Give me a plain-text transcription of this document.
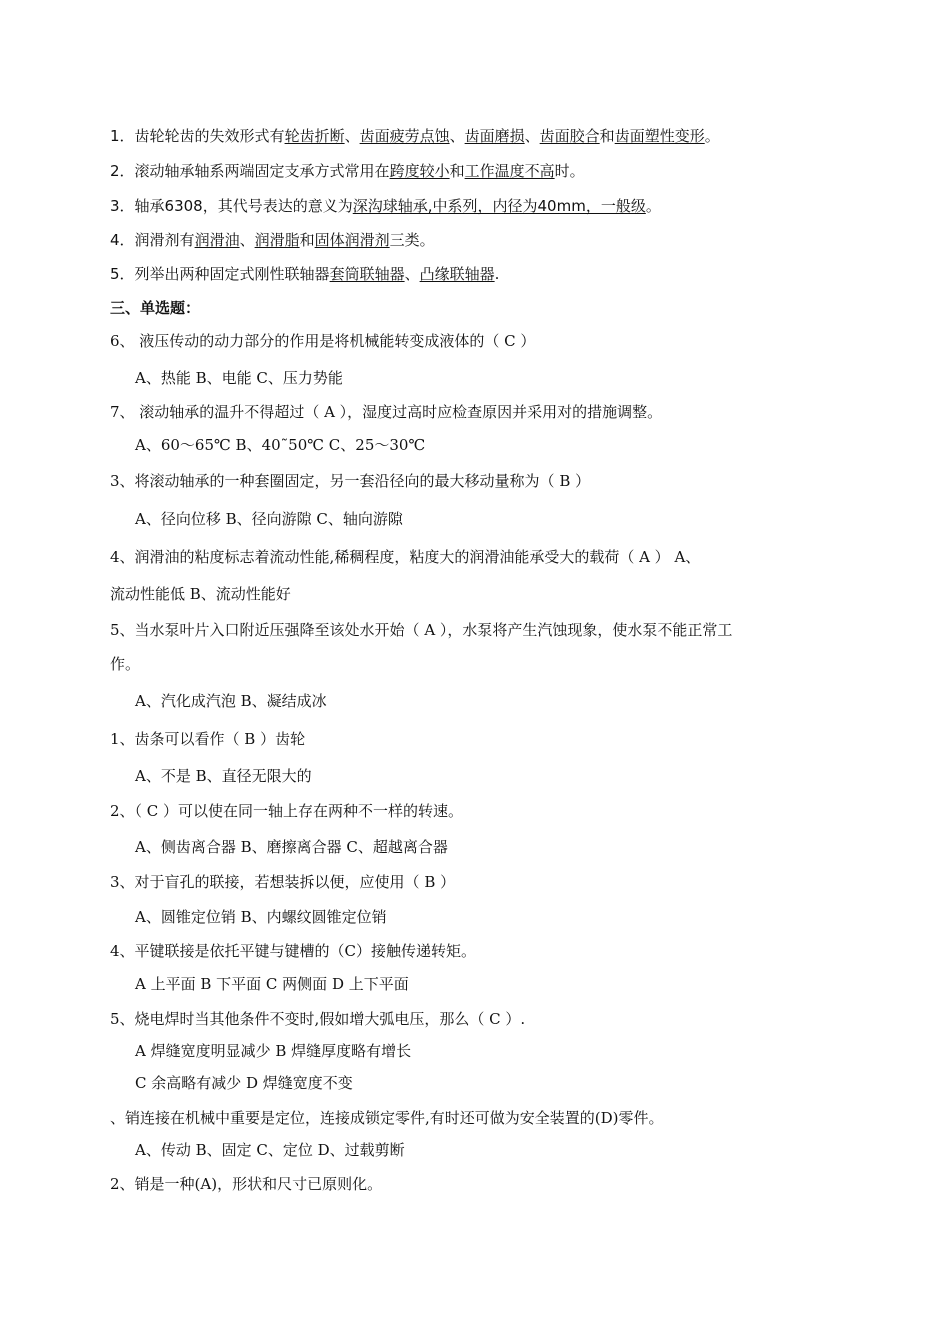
1．齿轮轮齿的失效形式有轮齿折断、齿面疲劳点蚀、齿面磨损、齿面胶合和齿面塑性变形。
2．滚动轴承轴系两端固定支承方式常用在跨度较小和工作温度不高时。
3．轴承6308，其代号表达的意义为深沟球轴承,中系列，内径为40mm，一般级。
4．润滑剂有润滑油、润滑脂和固体润滑剂三类。
5．列举出两种固定式刚性联轴器套筒联轴器、凸缘联轴器.
三、单选题：
6、 液压传动的动力部分的作用是将机械能转变成液体的（ C ）
A、热能 B、电能 C、压力势能
7、 滚动轴承的温升不得超过（ A ），湿度过高时应检查原因并采用对的措施调整。
A、60～65℃ B、40˜50℃ C、25～30℃
3、将滚动轴承的一种套圈固定，另一套沿径向的最大移动量称为（ B ）
A、径向位移 B、径向游隙 C、轴向游隙
4、润滑油的粘度标志着流动性能,稀稠程度，粘度大的润滑油能承受大的载荷（ A ） A、
流动性能低 B、流动性能好
5、当水泵叶片入口附近压强降至该处水开始（ A ），水泵将产生汽蚀现象，使水泵不能正常工
作。
A、汽化成汽泡 B、凝结成冰
1、齿条可以看作（ B ）齿轮
A、不是 B、直径无限大的
2、（ C ）可以使在同一轴上存在两种不一样的转速。
A、侧齿离合器 B、磨擦离合器 C、超越离合器
3、对于盲孔的联接，若想装拆以便，应使用（ B ）
A、圆锥定位销 B、内螺纹圆锥定位销
4、平键联接是依托平键与键槽的（C）接触传递转矩。
A 上平面 B 下平面 C 两侧面 D 上下平面
5、烧电焊时当其他条件不变时,假如增大弧电压，那么（ C ）.
A 焊缝宽度明显减少 B 焊缝厚度略有增长
C 余高略有减少 D 焊缝宽度不变
、销连接在机械中重要是定位，连接成锁定零件,有时还可做为安全装置的(D)零件。
A、传动 B、固定 C、定位 D、过载剪断
2、销是一种(A)，形状和尺寸已原则化。
